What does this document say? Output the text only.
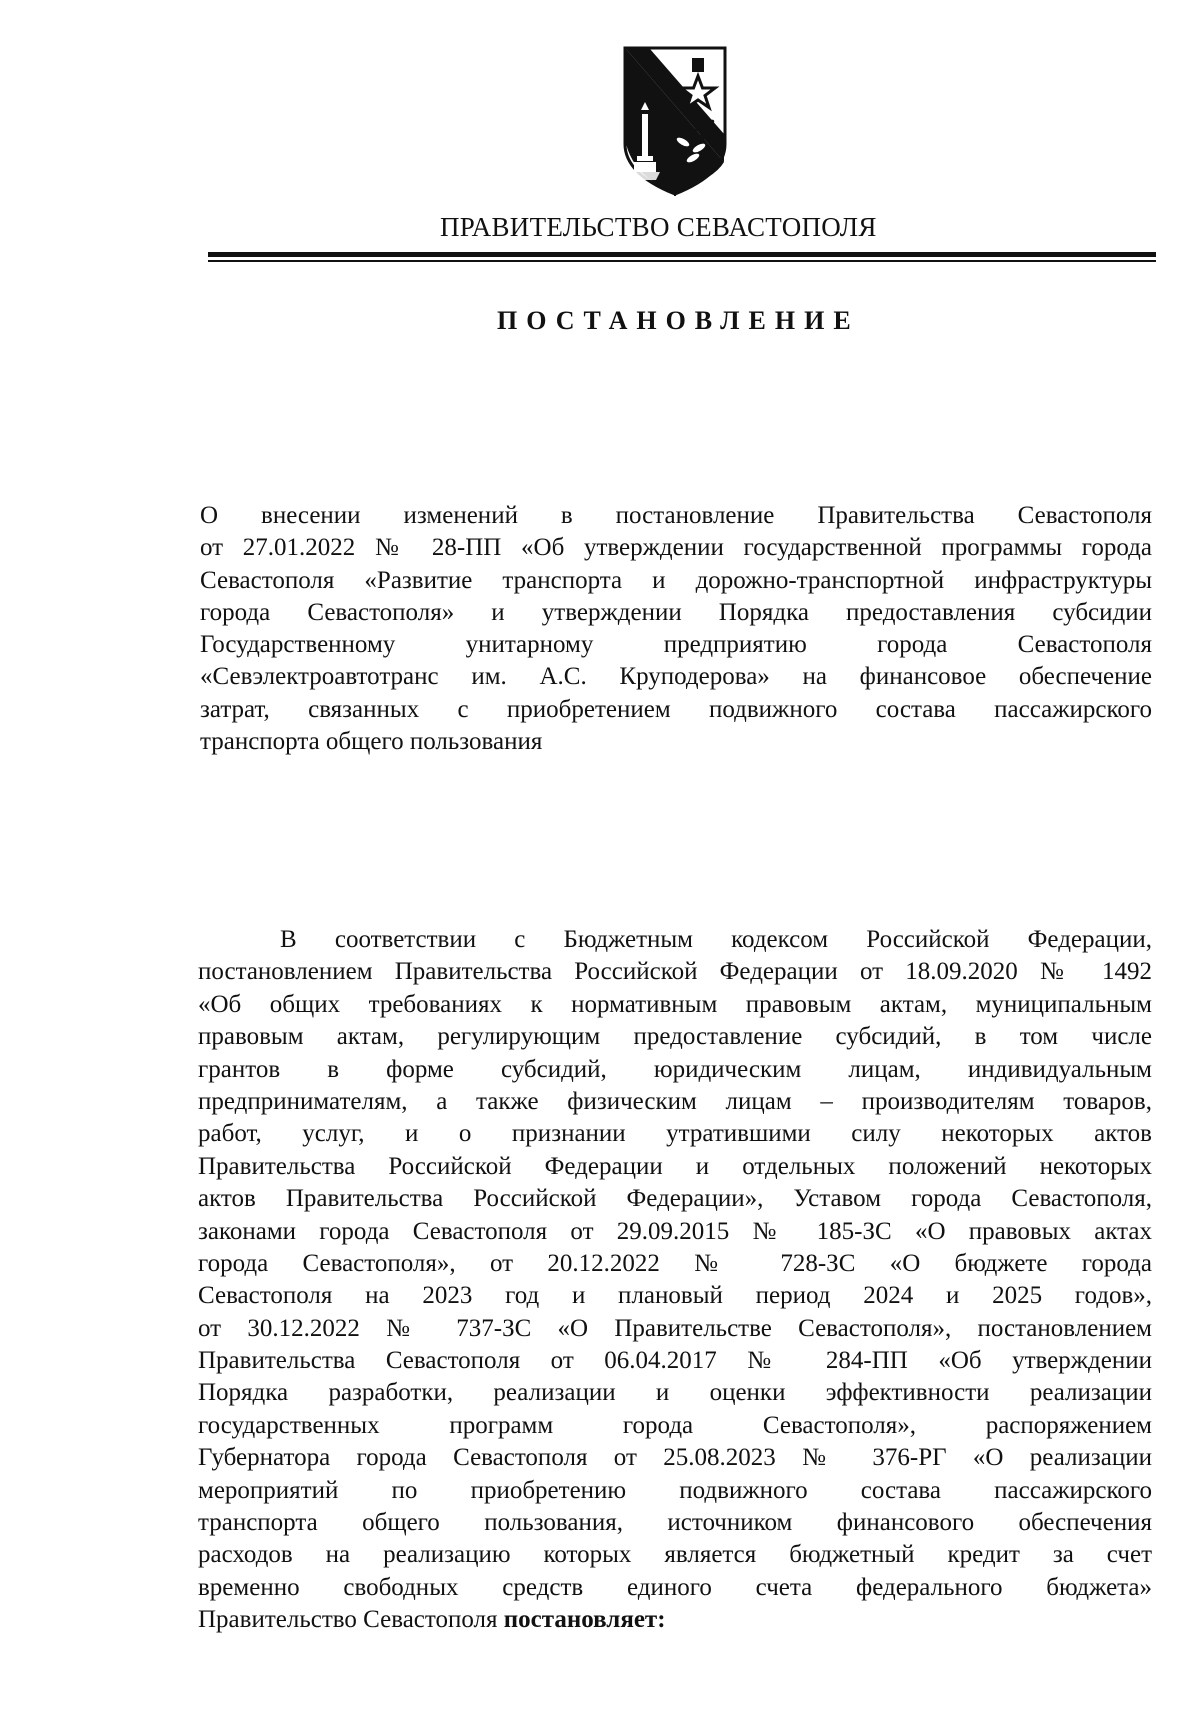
ПРАВИТЕЛЬСТВО СЕВАСТОПОЛЯ
ПОСТАНОВЛЕНИЕ
О внесении изменений в постановление Правительства Севастополя
от 27.01.2022 № 28-ПП «Об утверждении государственной программы города
Севастополя «Развитие транспорта и дорожно-транспортной инфраструктуры
города Севастополя» и утверждении Порядка предоставления субсидии
Государственному унитарному предприятию города Севастополя
«Севэлектроавтотранс им. А.С. Круподерова» на финансовое обеспечение
затрат, связанных с приобретением подвижного состава пассажирского
транспорта общего пользования
В соответствии с Бюджетным кодексом Российской Федерации,
постановлением Правительства Российской Федерации от 18.09.2020 № 1492
«Об общих требованиях к нормативным правовым актам, муниципальным
правовым актам, регулирующим предоставление субсидий, в том числе
грантов в форме субсидий, юридическим лицам, индивидуальным
предпринимателям, а также физическим лицам – производителям товаров,
работ, услуг, и о признании утратившими силу некоторых актов
Правительства Российской Федерации и отдельных положений некоторых
актов Правительства Российской Федерации», Уставом города Севастополя,
законами города Севастополя от 29.09.2015 № 185-ЗС «О правовых актах
города Севастополя», от 20.12.2022 № 728-ЗС «О бюджете города
Севастополя на 2023 год и плановый период 2024 и 2025 годов»,
от 30.12.2022 № 737-ЗС «О Правительстве Севастополя», постановлением
Правительства Севастополя от 06.04.2017 № 284-ПП «Об утверждении
Порядка разработки, реализации и оценки эффективности реализации
государственных программ города Севастополя», распоряжением
Губернатора города Севастополя от 25.08.2023 № 376-РГ «О реализации
мероприятий по приобретению подвижного состава пассажирского
транспорта общего пользования, источником финансового обеспечения
расходов на реализацию которых является бюджетный кредит за счет
временно свободных средств единого счета федерального бюджета»
Правительство Севастополя постановляет:
